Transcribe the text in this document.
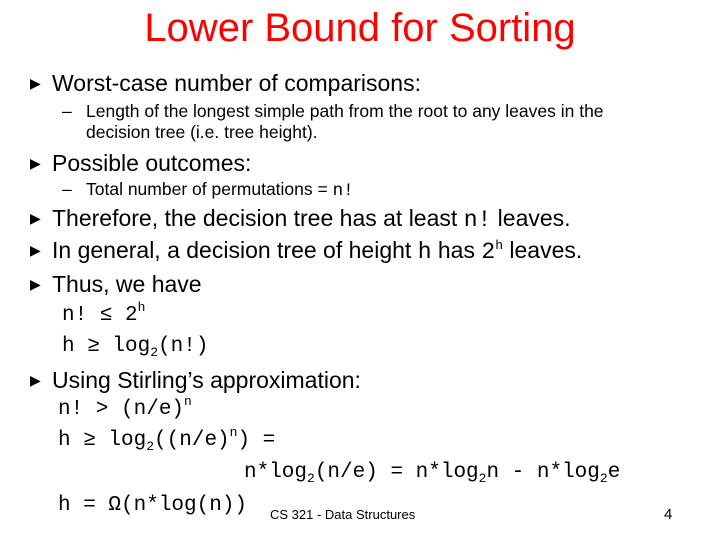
Lower Bound for Sorting
▶ Worst-case number of comparisons:
– Length of the longest simple path from the root to any leaves in the
decision tree (i.e. tree height).
▶ Possible outcomes:
– Total number of permutations = n!
▶ Therefore, the decision tree has at least n! leaves.
▶ In general, a decision tree of height h has 2$^h$ leaves.
▶ Thus, we have
n! ≤ $2^h$
$h \ge \log_2(n!)$
▶ Using Stirling’s approximation:
n! > $(n/e)^n$
$h \ge \log_2((n/e)^n)$ =
$n*\log_2(n/e) = n*\log_2n - n*\log_2e$
h = Ω(n*log(n)) CS 321 - Data Structures	4
